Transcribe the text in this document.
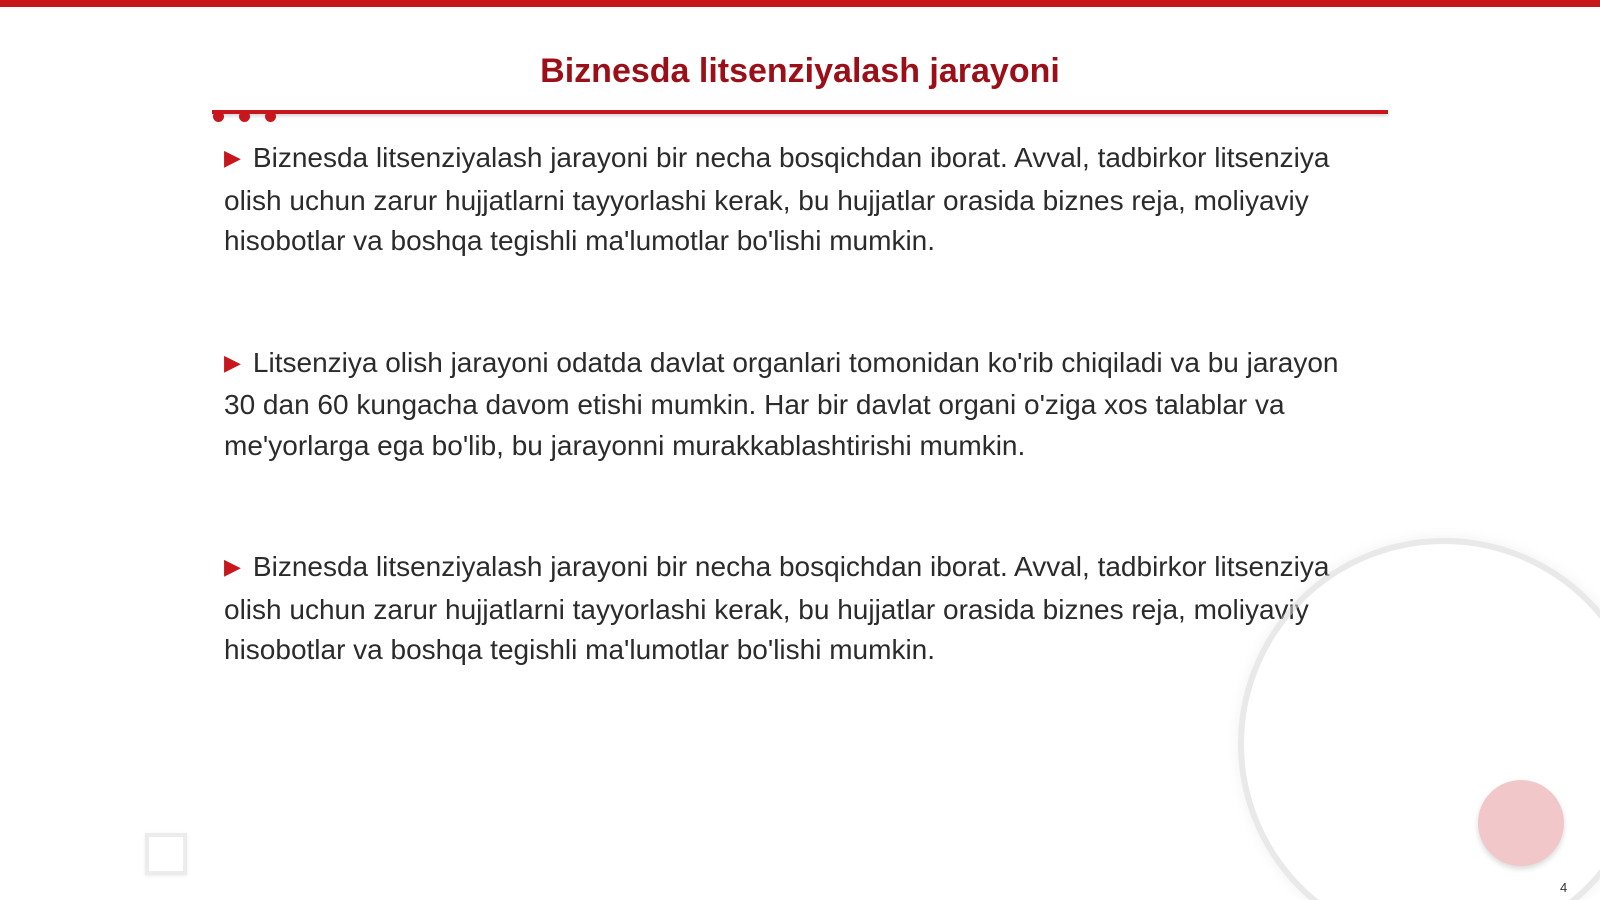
Biznesda litsenziyalash jarayoni
▶ Biznesda litsenziyalash jarayoni bir necha bosqichdan iborat. Avval, tadbirkor litsenziya olish uchun zarur hujjatlarni tayyorlashi kerak, bu hujjatlar orasida biznes reja, moliyaviy hisobotlar va boshqa tegishli ma'lumotlar bo'lishi mumkin.
▶ Litsenziya olish jarayoni odatda davlat organlari tomonidan ko'rib chiqiladi va bu jarayon 30 dan 60 kungacha davom etishi mumkin. Har bir davlat organi o'ziga xos talablar va me'yorlarga ega bo'lib, bu jarayonni murakkablashtirishi mumkin.
▶ Biznesda litsenziyalash jarayoni bir necha bosqichdan iborat. Avval, tadbirkor litsenziya olish uchun zarur hujjatlarni tayyorlashi kerak, bu hujjatlar orasida biznes reja, moliyaviy hisobotlar va boshqa tegishli ma'lumotlar bo'lishi mumkin.
4
